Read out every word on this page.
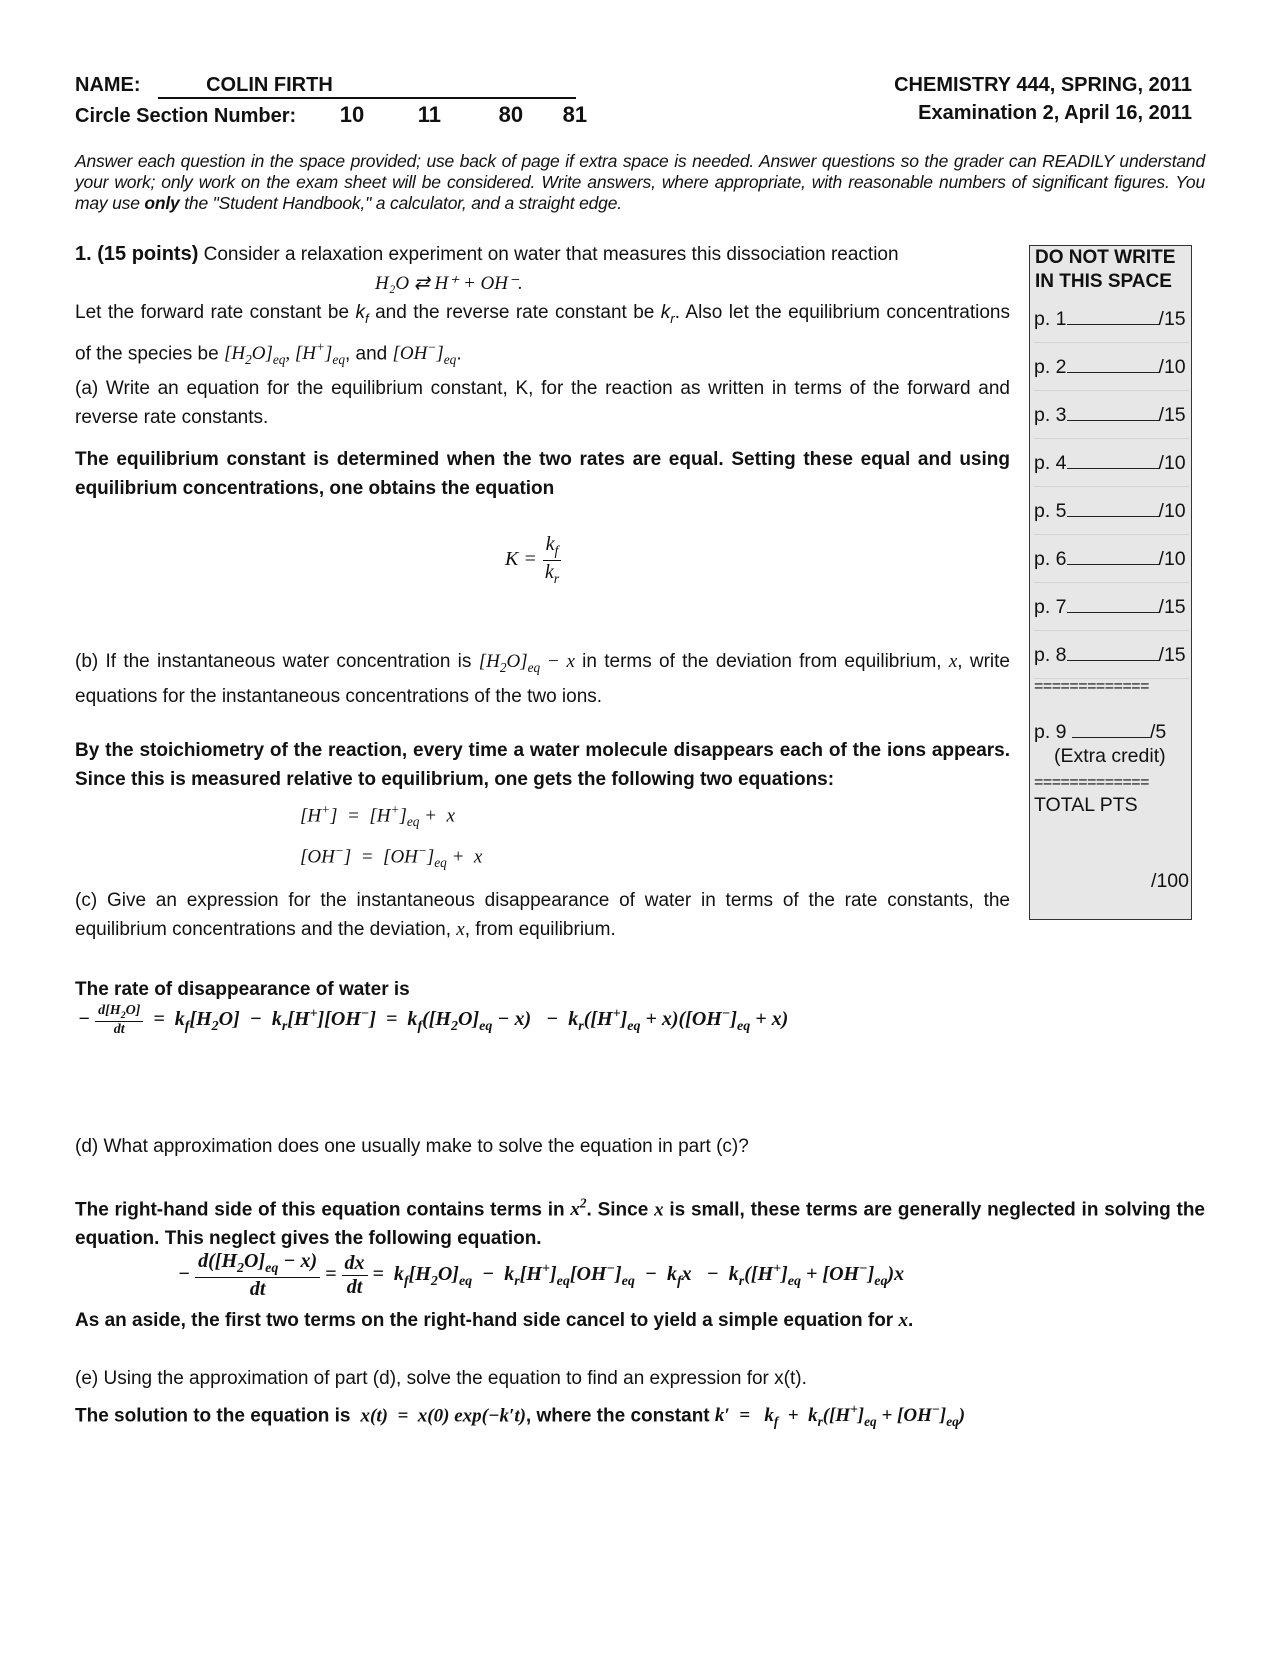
NAME:	COLIN FIRTH
Circle Section Number: 10 11	80 81
CHEMISTRY 444, SPRING, 2011
Examination 2, April 16, 2011
Answer each question in the space provided; use back of page if extra space is needed. Answer questions so the grader can READILY understand your work; only work on the exam sheet will be considered. Write answers, where appropriate, with reasonable numbers of significant figures. You may use only the "Student Handbook," a calculator, and a straight edge.
1. (15 points) Consider a relaxation experiment on water that measures this dissociation reaction
H₂O ⇄ H⁺ + OH⁻.
Let the forward rate constant be $k_f$ and the reverse rate constant be $k_r$. Also let the equilibrium concentrations of the species be $[H_2O]_{eq}$, $[H^+]_{eq}$, and $[OH^-]_{eq}$.
(a) Write an equation for the equilibrium constant, K, for the reaction as written in terms of the forward and reverse rate constants.
The equilibrium constant is determined when the two rates are equal. Setting these equal and using equilibrium concentrations, one obtains the equation
$K = \frac{k_f}{k_r}$
(b) If the instantaneous water concentration is $[H_2O]_{eq} - x$ in terms of the deviation from equilibrium, x, write equations for the instantaneous concentrations of the two ions.
By the stoichiometry of the reaction, every time a water molecule disappears each of the ions appears. Since this is measured relative to equilibrium, one gets the following two equations:
$[H^+] = [H^+]_{eq} + x$
$[OH^-] = [OH^-]_{eq} + x$
(c) Give an expression for the instantaneous disappearance of water in terms of the rate constants, the equilibrium concentrations and the deviation, x, from equilibrium.
The rate of disappearance of water is
− $\frac{d[H_2O]}{dt} = k_f[H_2O] - k_r[H^+][OH^-] = k_f([H_2O]_{eq} - x) - k_r([H^+]_{eq} + x)([OH^-]_{eq} + x)$
(d) What approximation does one usually make to solve the equation in part (c)?
The right-hand side of this equation contains terms in $x^2$. Since x is small, these terms are generally neglected in solving the equation. This neglect gives the following equation.
− $\frac{d([H_2O]_{eq} - x)}{dt} = \frac{dx}{dt} = k_f[H_2O]_{eq} - k_r[H^+]_{eq}[OH^-]_{eq} - k_fx - k_r([H^+]_{eq} + [OH^-]_{eq})x$
As an aside, the first two terms on the right-hand side cancel to yield a simple equation for x.
(e) Using the approximation of part (d), solve the equation to find an expression for x(t).
The solution to the equation is  x(t)  =  x(0) exp(−k′t), where the constant $k' = k_f + k_r([H^+]_{eq} + [OH^-]_{eq})$
DO NOT WRITE
IN THIS SPACE
p. 1	/15
p. 2	/10
p. 3	/15
p. 4	/10
p. 5	/10
p. 6	/10
p. 7	/15
p. 8	/15
=============
p. 9	/5
(Extra credit)
=============
TOTAL PTS
/100
